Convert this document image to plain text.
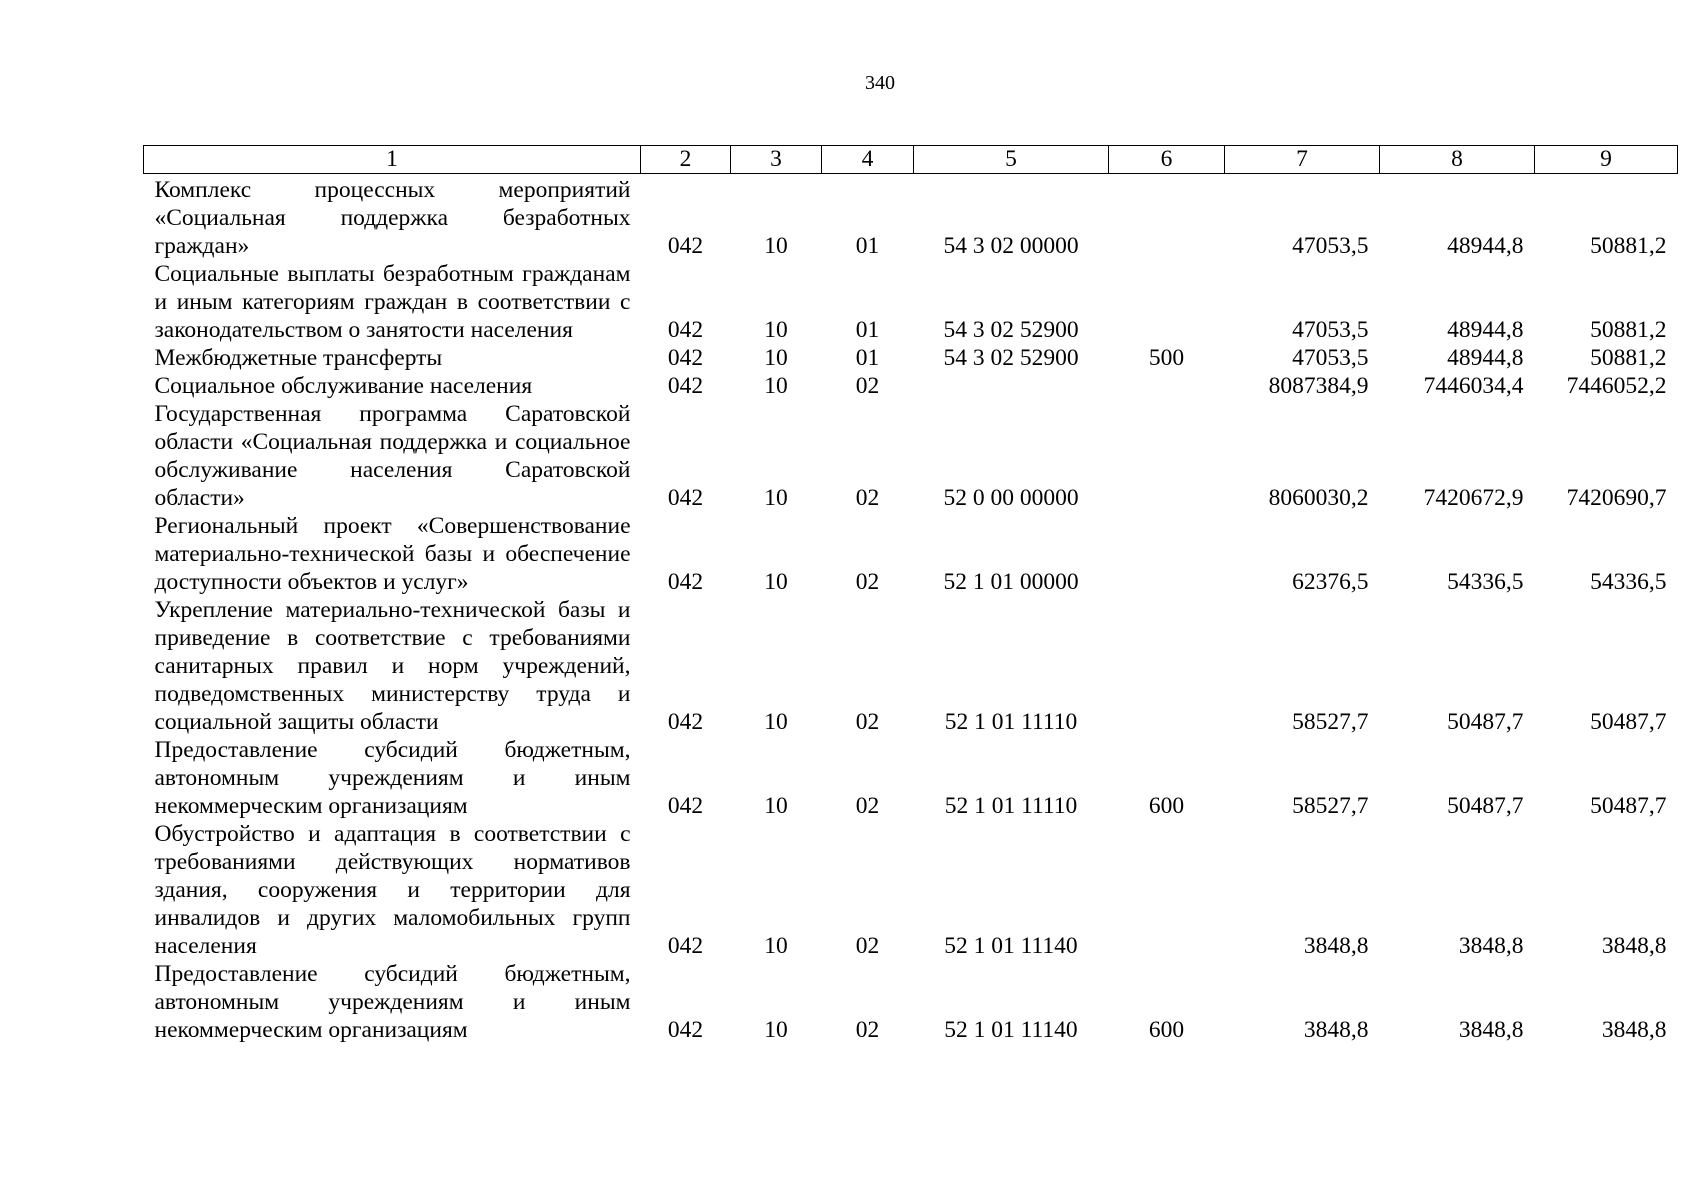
340
1	2	3	4	5	6	7	8	9
Комплекс процессных мероприятий «Социальная поддержка безработных граждан»	042	10	01	54 3 02 00000		47053,5	48944,8	50881,2
Социальные выплаты безработным гражданам и иным категориям граждан в соответствии с законодательством о занятости населения	042	10	01	54 3 02 52900		47053,5	48944,8	50881,2
Межбюджетные трансферты	042	10	01	54 3 02 52900	500	47053,5	48944,8	50881,2
Социальное обслуживание населения	042	10	02			8087384,9	7446034,4	7446052,2
Государственная программа Саратовской области «Социальная поддержка и социальное обслуживание населения Саратовской области»	042	10	02	52 0 00 00000		8060030,2	7420672,9	7420690,7
Региональный проект «Совершенствование материально-технической базы и обеспечение доступности объектов и услуг»	042	10	02	52 1 01 00000		62376,5	54336,5	54336,5
Укрепление материально-технической базы и приведение в соответствие с требованиями санитарных правил и норм учреждений, подведомственных министерству труда и социальной защиты области	042	10	02	52 1 01 11110		58527,7	50487,7	50487,7
Предоставление субсидий бюджетным, автономным учреждениям и иным некоммерческим организациям	042	10	02	52 1 01 11110	600	58527,7	50487,7	50487,7
Обустройство и адаптация в соответствии с требованиями действующих нормативов здания, сооружения и территории для инвалидов и других маломобильных групп населения	042	10	02	52 1 01 11140		3848,8	3848,8	3848,8
Предоставление субсидий бюджетным, автономным учреждениям и иным некоммерческим организациям	042	10	02	52 1 01 11140	600	3848,8	3848,8	3848,8
